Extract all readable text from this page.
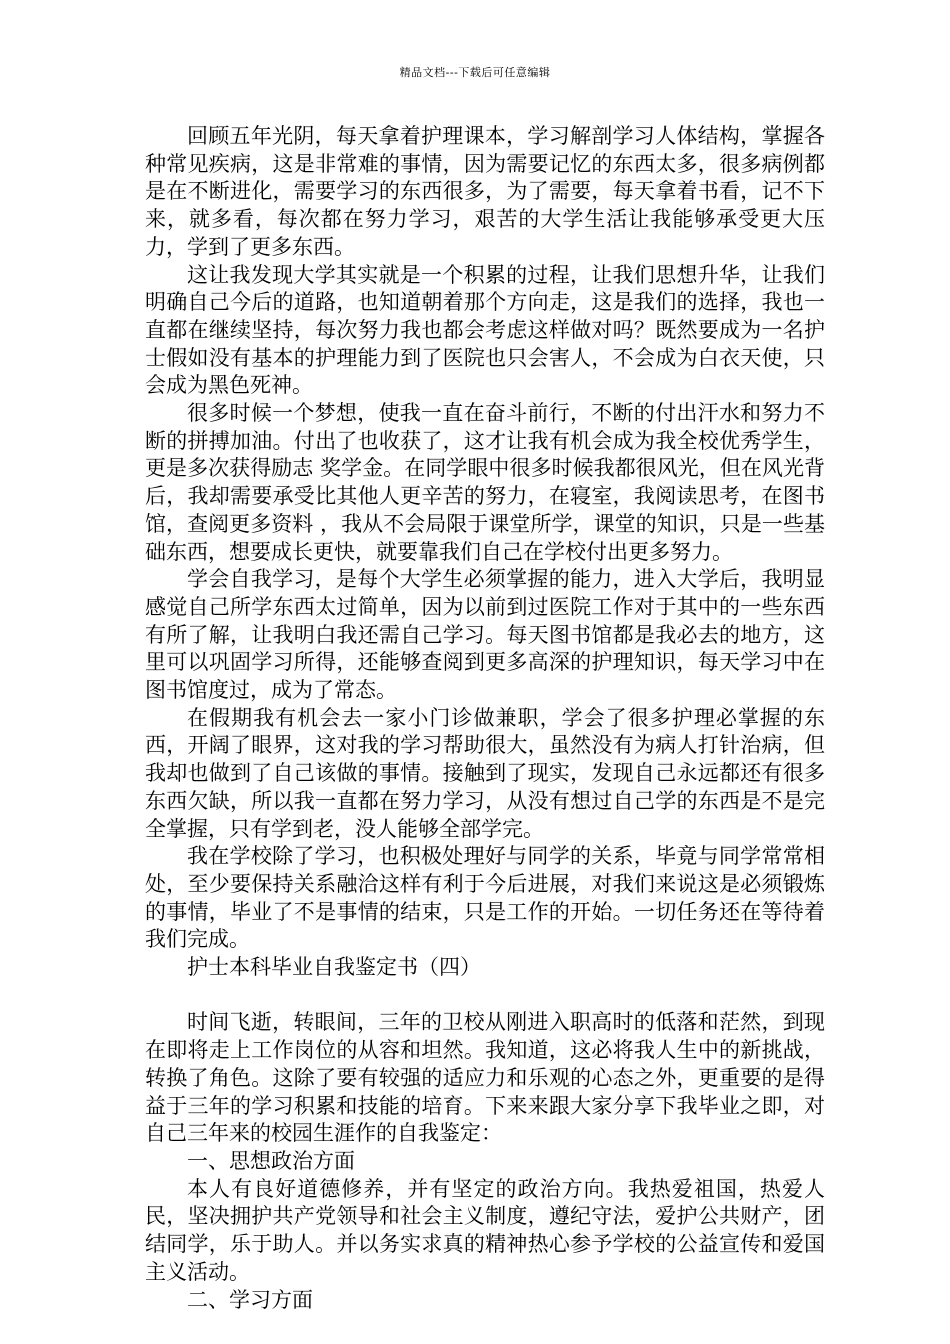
精品文档---下载后可任意编辑

回顾五年光阴，每天拿着护理课本，学习解剖学习人体结构，掌握各种常见疾病，这是非常难的事情，因为需要记忆的东西太多，很多病例都是在不断进化，需要学习的东西很多，为了需要，每天拿着书看，记不下来，就多看，每次都在努力学习，艰苦的大学生活让我能够承受更大压力，学到了更多东西。

这让我发现大学其实就是一个积累的过程，让我们思想升华，让我们明确自己今后的道路，也知道朝着那个方向走，这是我们的选择，我也一直都在继续坚持，每次努力我也都会考虑这样做对吗？既然要成为一名护士假如没有基本的护理能力到了医院也只会害人，不会成为白衣天使，只会成为黑色死神。

很多时候一个梦想，使我一直在奋斗前行，不断的付出汗水和努力不断的拼搏加油。付出了也收获了，这才让我有机会成为我全校优秀学生，更是多次获得励志 奖学金。在同学眼中很多时候我都很风光，但在风光背后，我却需要承受比其他人更辛苦的努力，在寝室，我阅读思考，在图书馆，查阅更多资料 ，我从不会局限于课堂所学，课堂的知识，只是一些基础东西，想要成长更快，就要靠我们自己在学校付出更多努力。

学会自我学习，是每个大学生必须掌握的能力，进入大学后，我明显感觉自己所学东西太过简单，因为以前到过医院工作对于其中的一些东西有所了解，让我明白我还需自己学习。每天图书馆都是我必去的地方，这里可以巩固学习所得，还能够查阅到更多高深的护理知识，每天学习中在图书馆度过，成为了常态。

在假期我有机会去一家小门诊做兼职，学会了很多护理必掌握的东西，开阔了眼界，这对我的学习帮助很大，虽然没有为病人打针治病，但我却也做到了自己该做的事情。接触到了现实，发现自己永远都还有很多东西欠缺，所以我一直都在努力学习，从没有想过自己学的东西是不是完全掌握，只有学到老，没人能够全部学完。

我在学校除了学习，也积极处理好与同学的关系，毕竟与同学常常相处，至少要保持关系融洽这样有利于今后进展，对我们来说这是必须锻炼的事情，毕业了不是事情的结束，只是工作的开始。一切任务还在等待着我们完成。

护士本科毕业自我鉴定书（四）

时间飞逝，转眼间，三年的卫校从刚进入职高时的低落和茫然，到现在即将走上工作岗位的从容和坦然。我知道，这必将我人生中的新挑战，转换了角色。这除了要有较强的适应力和乐观的心态之外，更重要的是得益于三年的学习积累和技能的培育。下来来跟大家分享下我毕业之即，对自己三年来的校园生涯作的自我鉴定：

一、思想政治方面

本人有良好道德修养，并有坚定的政治方向。我热爱祖国，热爱人民，坚决拥护共产党领导和社会主义制度，遵纪守法，爱护公共财产，团结同学，乐于助人。并以务实求真的精神热心参予学校的公益宣传和爱国主义活动。

二、学习方面
